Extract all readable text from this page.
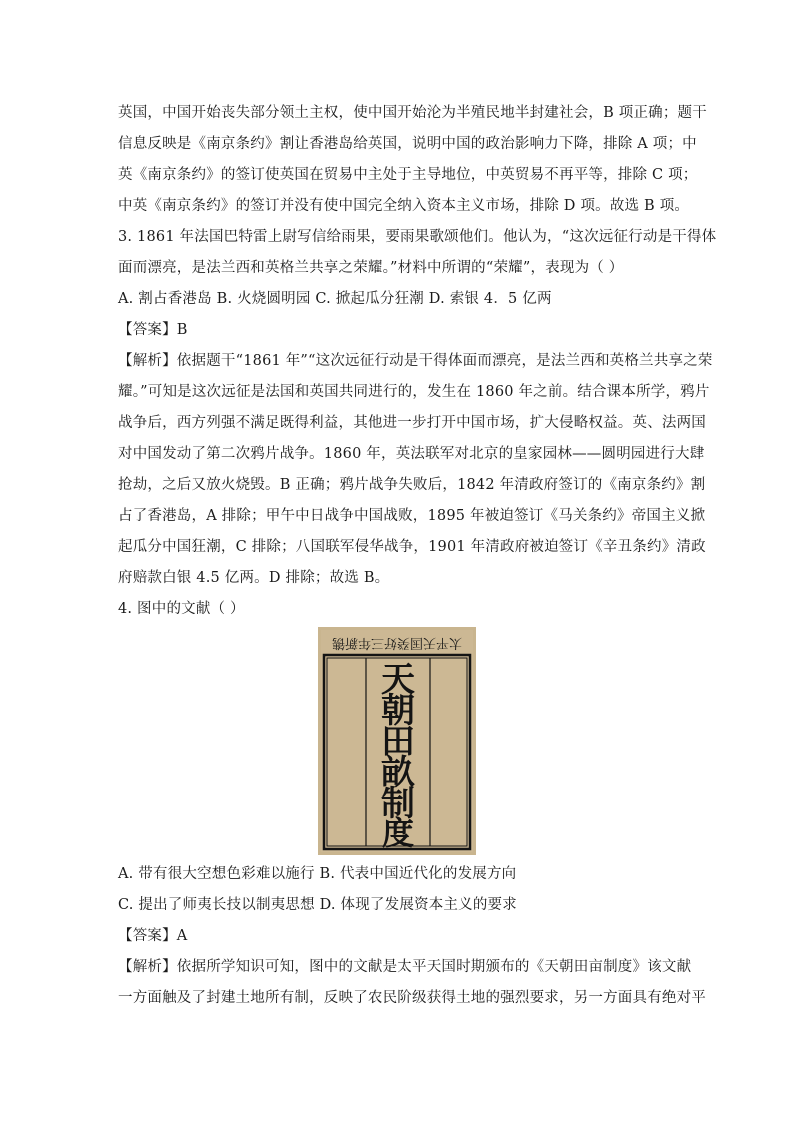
英国，中国开始丧失部分领土主权，使中国开始沦为半殖民地半封建社会，B 项正确；题干
信息反映是《南京条约》割让香港岛给英国，说明中国的政治影响力下降，排除 A 项；中
英《南京条约》的签订使英国在贸易中主处于主导地位，中英贸易不再平等，排除 C 项；
中英《南京条约》的签订并没有使中国完全纳入资本主义市场，排除 D 项。故选 B 项。
3. 1861 年法国巴特雷上尉写信给雨果，要雨果歌颂他们。他认为，“这次远征行动是干得体
面而漂亮，是法兰西和英格兰共享之荣耀。”材料中所谓的“荣耀”，表现为（ ）
A. 割占香港岛 B. 火烧圆明园 C. 掀起瓜分狂潮 D. 索银 4．5 亿两
【答案】B
【解析】依据题干“1861 年”“这次远征行动是干得体面而漂亮，是法兰西和英格兰共享之荣
耀。”可知是这次远征是法国和英国共同进行的，发生在 1860 年之前。结合课本所学，鸦片
战争后，西方列强不满足既得利益，其他进一步打开中国市场，扩大侵略权益。英、法两国
对中国发动了第二次鸦片战争。1860 年，英法联军对北京的皇家园林——圆明园进行大肆
抢劫，之后又放火烧毁。B 正确；鸦片战争失败后，1842 年清政府签订的《南京条约》割
占了香港岛，A 排除；甲午中日战争中国战败，1895 年被迫签订《马关条约》帝国主义掀
起瓜分中国狂潮，C 排除；八国联军侵华战争，1901 年清政府被迫签订《辛丑条约》清政
府赔款白银 4.5 亿两。D 排除；故选 B。
4. 图中的文献（ ）
太平天国癸好三年新镌
天
朝
田
畝
制
度
A. 带有很大空想色彩难以施行 B. 代表中国近代化的发展方向
C. 提出了师夷长技以制夷思想 D. 体现了发展资本主义的要求
【答案】A
【解析】依据所学知识可知，图中的文献是太平天国时期颁布的《天朝田亩制度》该文献
一方面触及了封建土地所有制，反映了农民阶级获得土地的强烈要求，另一方面具有绝对平
